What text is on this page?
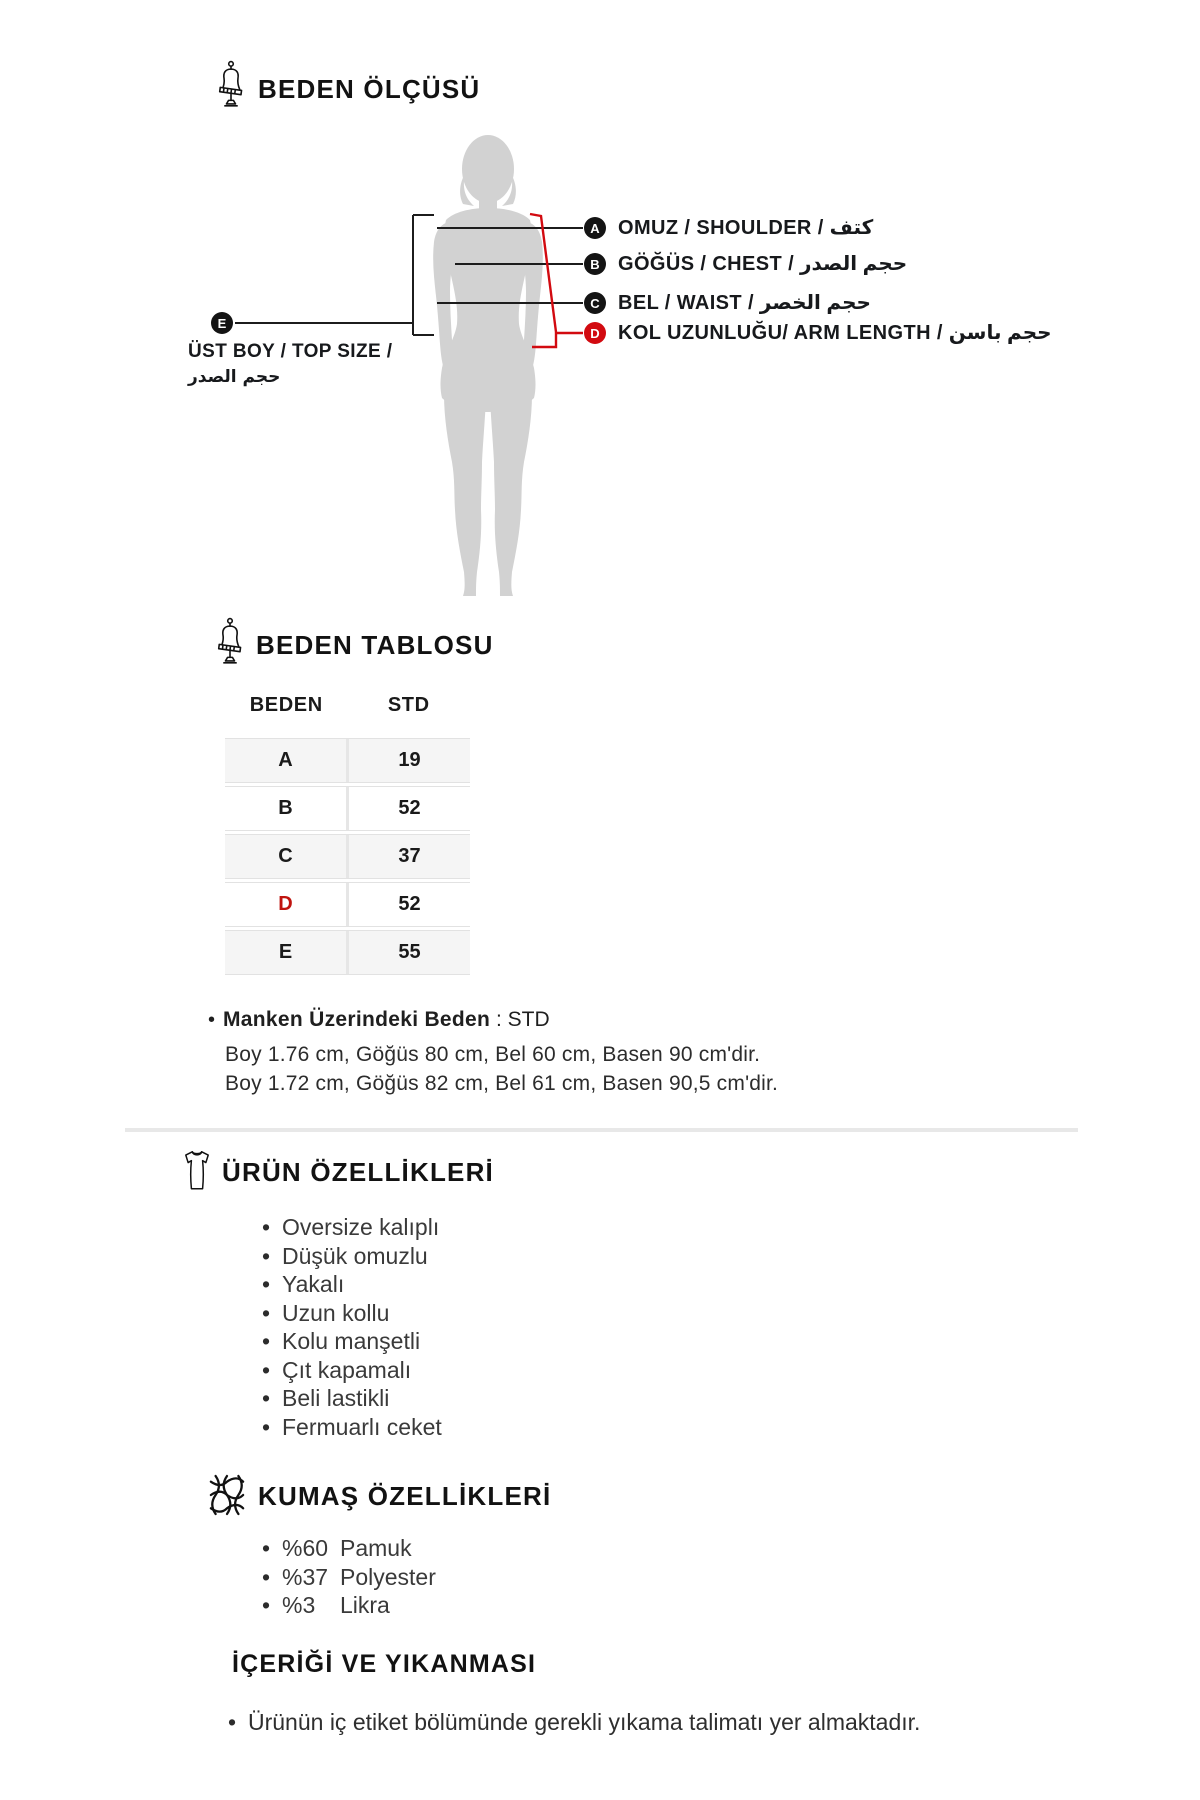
BEDEN ÖLÇÜSÜ
A
B
C
D
E
OMUZ / SHOULDER / كتف
GÖĞÜS / CHEST / حجم الصدر
BEL / WAIST / حجم الخصر
KOL UZUNLUĞU/ ARM LENGTH / حجم باسن
ÜST BOY / TOP SIZE /
حجم الصدر
BEDEN TABLOSU
BEDEN	STD
A	19
B	52
C	37
D	52
E	55
• Manken Üzerindeki Beden : STD
Boy 1.76 cm, Göğüs 80 cm, Bel 60 cm, Basen 90 cm'dir.
Boy 1.72 cm, Göğüs 82 cm, Bel 61 cm, Basen 90,5 cm'dir.
ÜRÜN ÖZELLİKLERİ
• Oversize kalıplı
• Düşük omuzlu
• Yakalı
• Uzun kollu
• Kolu manşetli
• Çıt kapamalı
• Beli lastikli
• Fermuarlı ceket
KUMAŞ ÖZELLİKLERİ
• %60 Pamuk
• %37 Polyester
• %3 Likra
İÇERİĞİ VE YIKANMASI
• Ürünün iç etiket bölümünde gerekli yıkama talimatı yer almaktadır.
